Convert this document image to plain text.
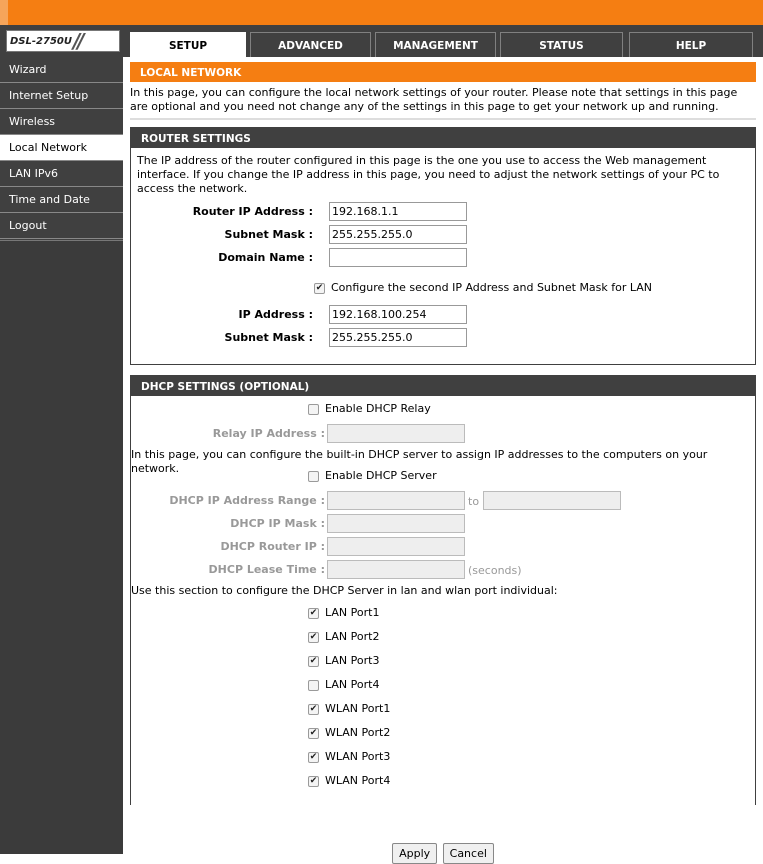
DSL-2750U //	SETUP	ADVANCED	MANAGEMENT	STATUS	HELP
Wizard
Internet Setup
Wireless
Local Network
LAN IPv6
Time and Date
Logout
LOCAL NETWORK
In this page, you can configure the local network settings of your router. Please note that settings in this page are optional and you need not change any of the settings in this page to get your network up and running.
ROUTER SETTINGS
The IP address of the router configured in this page is the one you use to access the Web management interface. If you change the IP address in this page, you need to adjust the network settings of your PC to access the network.
Router IP Address :
192.168.1.1
Subnet Mask :
255.255.255.0
Domain Name :
✔ Configure the second IP Address and Subnet Mask for LAN
IP Address :
192.168.100.254
Subnet Mask :
255.255.255.0
DHCP SETTINGS (OPTIONAL)
Enable DHCP Relay
Relay IP Address :
In this page, you can configure the built-in DHCP server to assign IP addresses to the computers on your network.
Enable DHCP Server
DHCP IP Address Range :	to
DHCP IP Mask :
DHCP Router IP :
DHCP Lease Time :	(seconds)
Use this section to configure the DHCP Server in lan and wlan port individual:
✔ LAN Port1
✔ LAN Port2
✔ LAN Port3
LAN Port4
✔ WLAN Port1
✔ WLAN Port2
✔ WLAN Port3
✔ WLAN Port4
Apply Cancel
